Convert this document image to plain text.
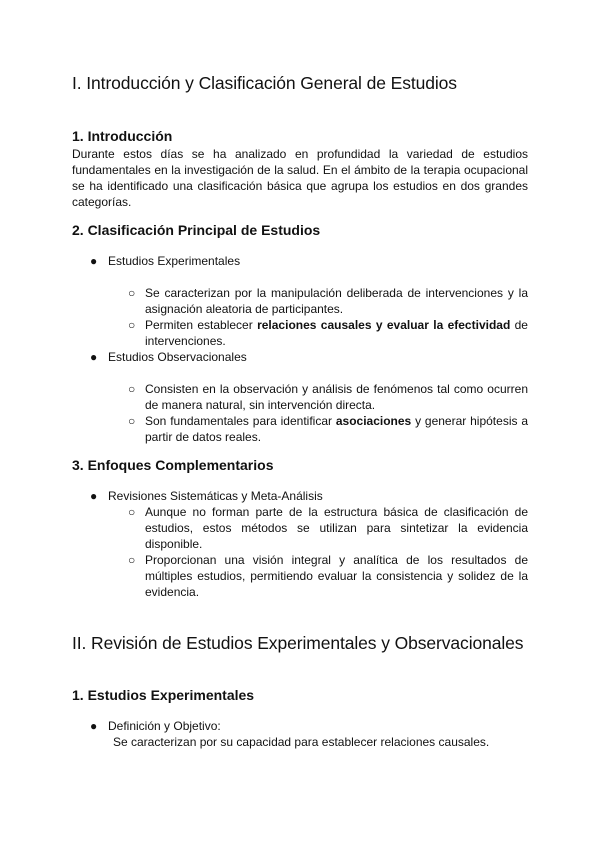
I. Introducción y Clasificación General de Estudios
1. Introducción

Durante estos días se ha analizado en profundidad la variedad de estudios fundamentales en la investigación de la salud. En el ámbito de la terapia ocupacional se ha identificado una clasificación básica que agrupa los estudios en dos grandes categorías.

2. Clasificación Principal de Estudios
● Estudios Experimentales
○ Se caracterizan por la manipulación deliberada de intervenciones y la asignación aleatoria de participantes.
○ Permiten establecer relaciones causales y evaluar la efectividad de intervenciones.
● Estudios Observacionales
○ Consisten en la observación y análisis de fenómenos tal como ocurren de manera natural, sin intervención directa.
○ Son fundamentales para identificar asociaciones y generar hipótesis a partir de datos reales.
3. Enfoques Complementarios
● Revisiones Sistemáticas y Meta-Análisis
○ Aunque no forman parte de la estructura básica de clasificación de estudios, estos métodos se utilizan para sintetizar la evidencia disponible.
○ Proporcionan una visión integral y analítica de los resultados de múltiples estudios, permitiendo evaluar la consistencia y solidez de la evidencia.
II. Revisión de Estudios Experimentales y Observacionales
1. Estudios Experimentales
● Definición y Objetivo:
Se caracterizan por su capacidad para establecer relaciones causales.
